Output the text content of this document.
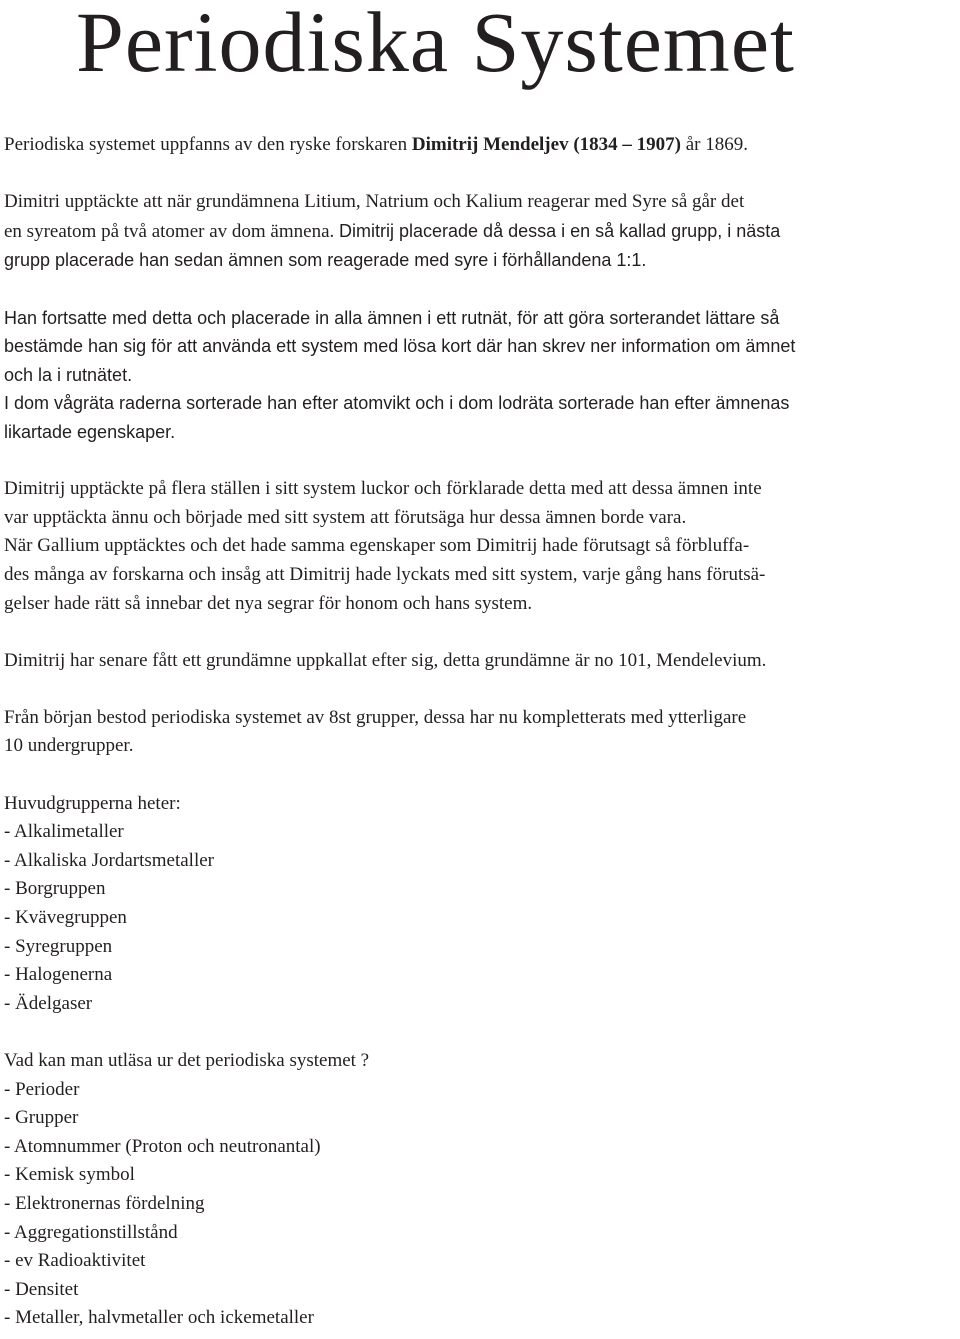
Periodiska Systemet

Periodiska systemet uppfanns av den ryske forskaren Dimitrij Mendeljev (1834 – 1907) år 1869.

Dimitri upptäckte att när grundämnena Litium, Natrium och Kalium reagerar med Syre så går det
en syreatom på två atomer av dom ämnena. Dimitrij placerade då dessa i en så kallad grupp, i nästa
grupp placerade han sedan ämnen som reagerade med syre i förhållandena 1:1.

Han fortsatte med detta och placerade in alla ämnen i ett rutnät, för att göra sorterandet lättare så
bestämde han sig för att använda ett system med lösa kort där han skrev ner information om ämnet
och la i rutnätet.
I dom vågräta raderna sorterade han efter atomvikt och i dom lodräta sorterade han efter ämnenas
likartade egenskaper.

Dimitrij upptäckte på flera ställen i sitt system luckor och förklarade detta med att dessa ämnen inte
var upptäckta ännu och började med sitt system att förutsäga hur dessa ämnen borde vara.
När Gallium upptäcktes och det hade samma egenskaper som Dimitrij hade förutsagt så förbluffa-
des många av forskarna och insåg att Dimitrij hade lyckats med sitt system, varje gång hans förutsä-
gelser hade rätt så innebar det nya segrar för honom och hans system.

Dimitrij har senare fått ett grundämne uppkallat efter sig, detta grundämne är no 101, Mendelevium.

Från början bestod periodiska systemet av 8st grupper, dessa har nu kompletterats med ytterligare
10 undergrupper.

Huvudgrupperna heter:

- Alkalimetaller
- Alkaliska Jordartsmetaller
- Borgruppen
- Kvävegruppen
- Syregruppen
- Halogenerna
- Ädelgaser

Vad kan man utläsa ur det periodiska systemet ?

- Perioder
- Grupper
- Atomnummer (Proton och neutronantal)
- Kemisk symbol
- Elektronernas fördelning
- Aggregationstillstånd
- ev Radioaktivitet
- Densitet
- Metaller, halvmetaller och ickemetaller
